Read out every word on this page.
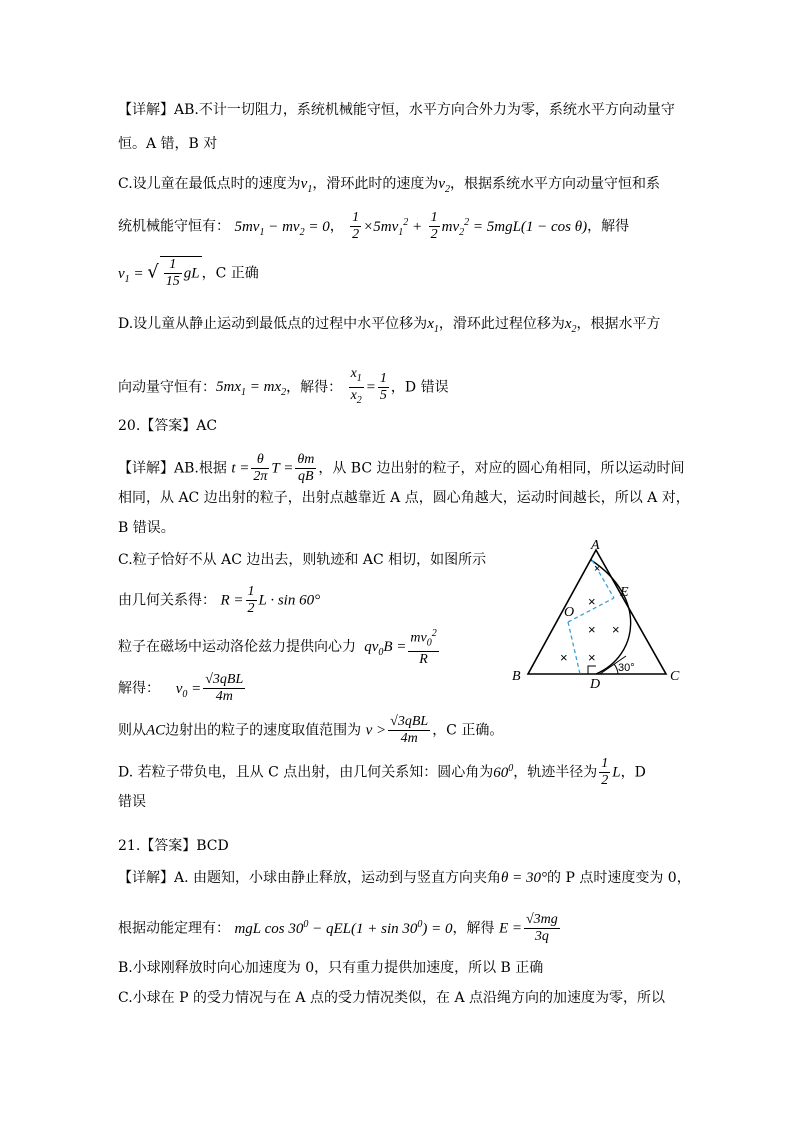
【详解】AB.不计一切阻力，系统机械能守恒，水平方向合外力为零，系统水平方向动量守
恒。A 错，B 对
C.设儿童在最低点时的速度为$v_1$，滑环此时的速度为$v_2$，根据系统水平方向动量守恒和系
统机械能守恒有： $5mv_1 - mv_2 = 0$， $\frac{1}{2} \times 5mv_1^2 + \frac{1}{2} mv_2^2 = 5mgL(1 - \cos \theta)$，解得
$v_1$ = √ $\frac{1}{15}$ gL ，C 正确
D.设儿童从静止运动到最低点的过程中水平位移为$x_1$，滑环此过程位移为$x_2$，根据水平方
向动量守恒有：$5mx_1 = mx_2$，解得： $\frac{x_1}{x_2} = \frac{1}{5}$ ，D 错误
20.【答案】AC
【详解】AB.根据 $t = \frac{\theta}{2\pi}$ $T = \frac{\theta m}{qB}$ ，从 BC 边出射的粒子，对应的圆心角相同，所以运动时间
相同，从 AC 边出射的粒子，出射点越靠近 A 点，圆心角越大，运动时间越长，所以 A 对，
B 错误。
C.粒子恰好不从 AC 边出去，则轨迹和 AC 相切，如图所示
由几何关系得： $R = \frac{1}{2}$ L · sin 60°
粒子在磁场中运动洛伦兹力提供向心力  $qv_0B = \frac{mv_0^2}{R}$
解得：    $v_0 = \frac{\text{√3qBL}}{4m}$
则从AC边射出的粒子的速度取值范围为 $v > \frac{\text{√3qBL}}{4m}$ ，C 正确。
D. 若粒子带负电，且从 C 点出射，由几何关系知：圆心角为$60^0$，轨迹半径为 $\frac{1}{2}$ L，D
错误
21.【答案】BCD
【详解】A. 由题知，小球由静止释放，运动到与竖直方向夹角θ = 30°的 P 点时速度变为 0，
根据动能定理有： mgL $\cos 30^0 - qEL(1 + \sin 30^0) = 0$，解得 $E = \frac{√3mg}{3q}$
B.小球刚释放时向心加速度为 0，只有重力提供加速度，所以 B 正确
C.小球在 P 的受力情况与在 A 点的受力情况类似，在 A 点沿绳方向的加速度为零，所以
×
×
× ×
× ×
A
B	C
D
E
O
30°
